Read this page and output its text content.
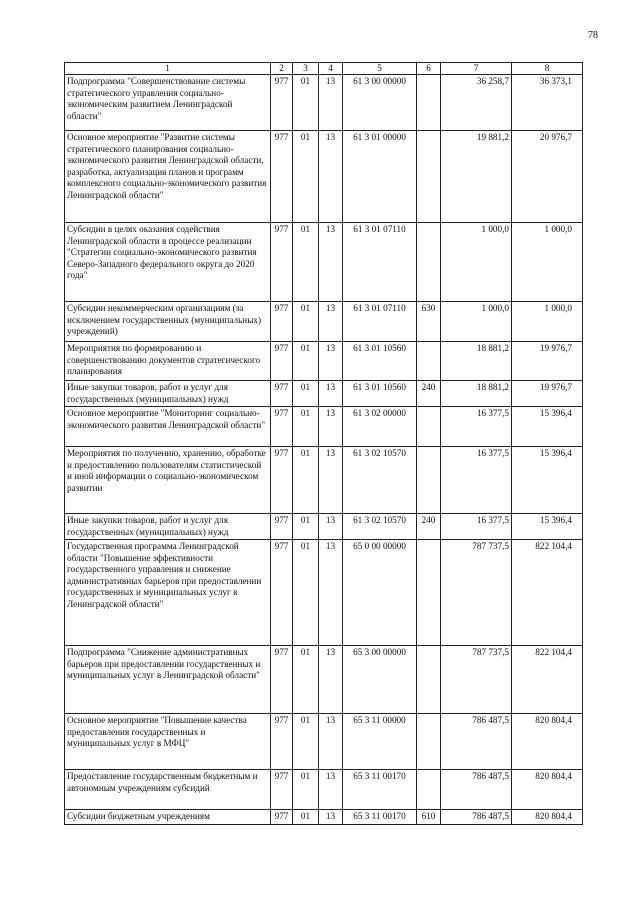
78
1	2	3	4	5	6	7	8
Подпрограмма "Совершенствование системы стратегического управления социально-экономическим развитием Ленинградской области"	977	01	13	61 3 00 00000		36 258,7	36 373,1
Основное мероприятие "Развитие системы стратегического планирования социально-экономического развития Ленинградской области, разработка, актуализация планов и программ комплексного социально-экономического развития Ленинградской области"	977	01	13	61 3 01 00000		19 881,2	20 976,7
Субсидии в целях оказания содействия Ленинградской области в процессе реализации "Стратегии социально-экономического развития Северо-Западного федерального округа до 2020 года"	977	01	13	61 3 01 07110		1 000,0	1 000,0
Субсидии некоммерческим организациям (за исключением государственных (муниципальных) учреждений)	977	01	13	61 3 01 07110	630	1 000,0	1 000,0
Мероприятия по формированию и совершенствованию документов стратегического планирования	977	01	13	61 3 01 10560		18 881,2	19 976,7
Иные закупки товаров, работ и услуг для государственных (муниципальных) нужд	977	01	13	61 3 01 10560	240	18 881,2	19 976,7
Основное мероприятие "Мониторинг социально-экономического развития Ленинградской области"	977	01	13	61 3 02 00000		16 377,5	15 396,4
Мероприятия по получению, хранению, обработке и предоставлению пользователям статистической и иной информации о социально-экономическом развитии	977	01	13	61 3 02 10570		16 377,5	15 396,4
Иные закупки товаров, работ и услуг для государственных (муниципальных) нужд	977	01	13	61 3 02 10570	240	16 377,5	15 396,4
Государственная программа Ленинградской области "Повышение эффективности государственного управления и снижение административных барьеров при предоставлении государственных и муниципальных услуг в Ленинградской области"	977	01	13	65 0 00 00000		787 737,5	822 104,4
Подпрограмма "Снижение административных барьеров при предоставлении государственных и муниципальных услуг в Ленинградской области"	977	01	13	65 3 00 00000		787 737,5	822 104,4
Основное мероприятие "Повышение качества предоставления государственных и муниципальных услуг в МФЦ"	977	01	13	65 3 11 00000		786 487,5	820 804,4
Предоставление государственным бюджетным и автономным учреждениям субсидий	977	01	13	65 3 11 00170		786 487,5	820 804,4
Субсидии бюджетным учреждениям	977	01	13	65 3 11 00170	610	786 487,5	820 804,4
